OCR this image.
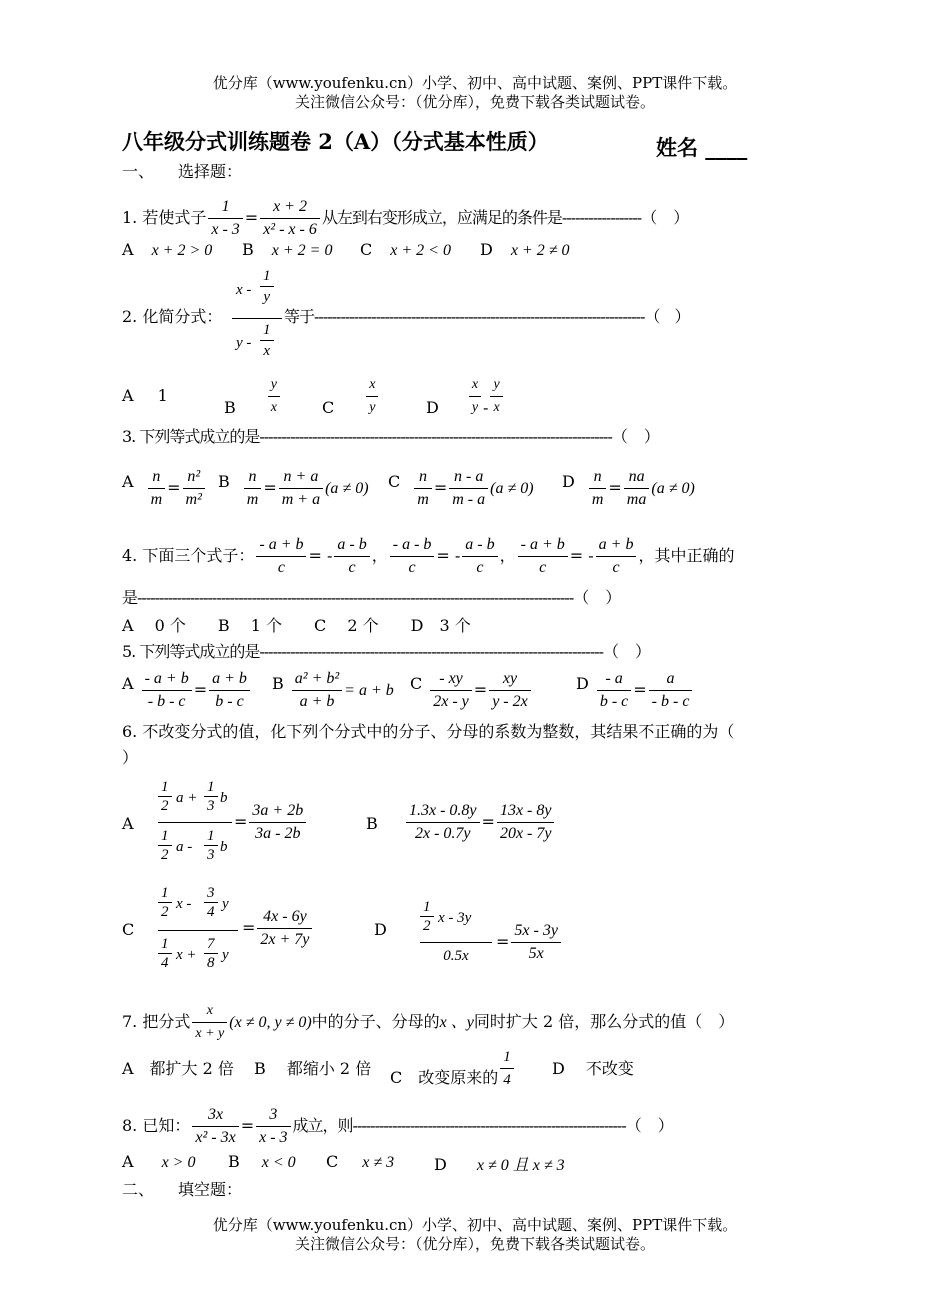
优分库（www.youfenku.cn）小学、初中、高中试题、案例、PPT课件下载。
关注微信公众号：（优分库），免费下载各类试题试卷。
八年级分式训练题卷 2（A）（分式基本性质）	姓名 ____
一、　　选择题：
1. 若使式子 $\frac{1}{x - 3} = \frac{x + 2}{\text{x² - x - 6}}$ 从左到右变形成立，应满足的条件是------------------（　）
A x + 2 > 0 B x + 2 = 0 C x + 2 < 0 D x + 2 ≠ 0
2. 化简分式：
x - $\frac{1}{y}$
y - $\frac{1}{x}$
等于---------------------------------------------------------------------------（　）
A 1
B $\frac{y}{x}$	C $\frac{x}{y}$	D $\frac{x}{y} - \frac{y}{x}$
3. 下列等式成立的是--------------------------------------------------------------------------------（　）
A $\frac{n}{m} = \frac{\text{n²}}{\text{m²}}$ B $\frac{n}{m} = \frac{n + a}{m + a} (a \ne 0)$ C $\frac{n}{m} = \frac{n - a}{m - a} (a \ne 0)$ D $\frac{n}{m} = \frac{na}{ma} (a \ne 0)$
4. 下面三个式子： $\frac{- a + b}{c}$ = - $\frac{a - b}{c}$ ， $\frac{- a - b}{c}$ = - $\frac{a - b}{c}$ ， $\frac{- a + b}{c}$ = - $\frac{a + b}{c}$ ，其中正确的
是---------------------------------------------------------------------------------------------------（　）
A　 0 个　　B　 1 个　　C　 2 个　　D　3 个
5. 下列等式成立的是------------------------------------------------------------------------------（　）
A $\frac{- a + b}{- b - c} = \frac{a + b}{b - c}$ B $\frac{\text{a² + b²}}{a + b} = a + b$ C $\frac{- xy}{2x - y} = \frac{xy}{y - 2x}$	D $\frac{- a}{b - c} = \frac{a}{- b - c}$
6. 不改变分式的值，化下列个分式中的分子、分母的系数为整数，其结果不正确的为（
）
A
$\frac{1}{2}$ $a + \frac{1}{3}$ b
$\frac{1}{2}$ a - $\frac{1}{3}$ b
= $\frac{3a + 2b}{3a - 2b}$	B $\frac{1.3x - 0.8y}{2x - 0.7y} = \frac{13x - 8y}{20x - 7y}$
C
$\frac{1}{2}$ x - $\frac{3}{4}$ y
$\frac{1}{4}$ $x + \frac{7}{8}$ y
= $\frac{4x - 6y}{2x + 7y}$	D $\frac{1}{2}$ x - 3y
0.5x
= $\frac{5x - 3y}{5x}$
7. 把分式 $\frac{x}{x + y} (x \ne 0$, y ≠ 0)中的分子、分母的x 、y同时扩大 2 倍，那么分式的值（　）
A　都扩大 2 倍 B　 都缩小 2 倍 C　改变原来的 $\frac{1}{4}$ D　 不改变
8. 已知： $\frac{3x}{\text{x² - 3x}} = \frac{3}{x - 3}$ 成立，则--------------------------------------------------------------（　）
A x > 0 B x < 0 C x ≠ 3 D x ≠ 0 且 x ≠ 3
二、　　填空题：
优分库（www.youfenku.cn）小学、初中、高中试题、案例、PPT课件下载。
关注微信公众号：（优分库），免费下载各类试题试卷。
